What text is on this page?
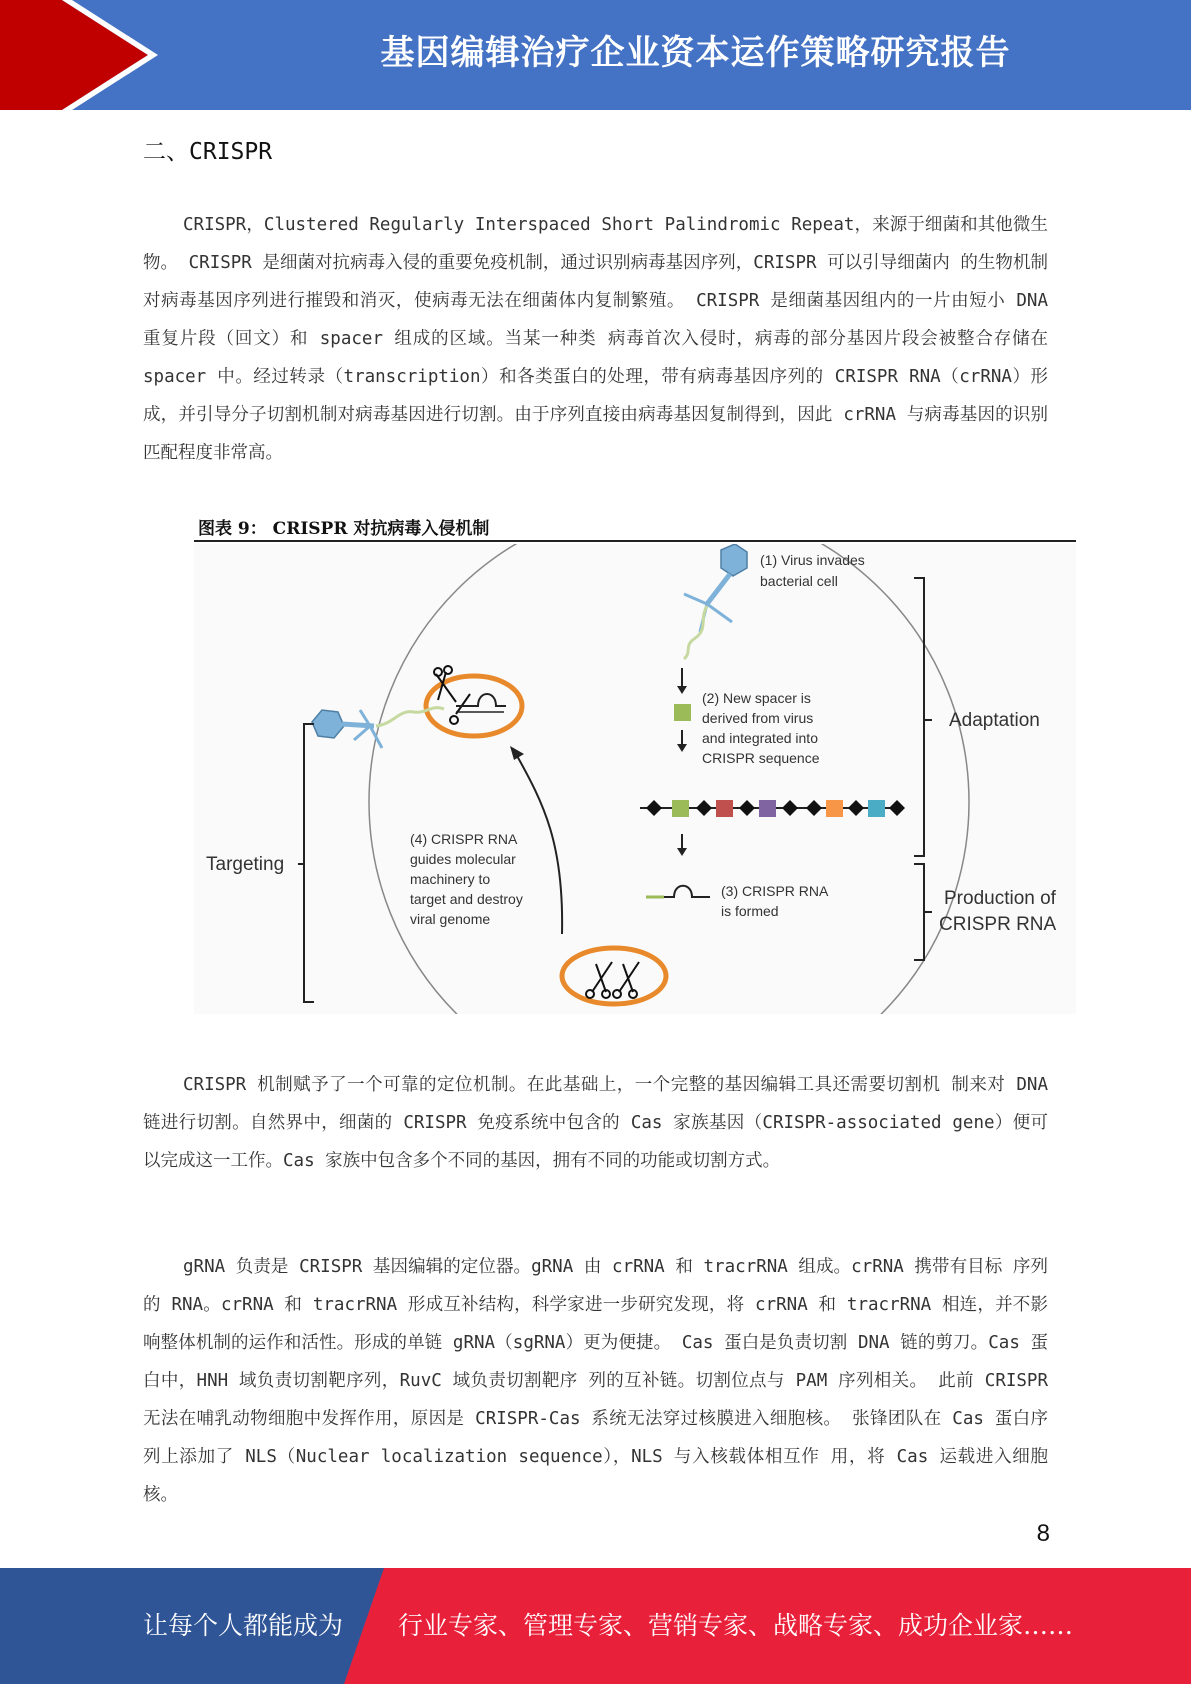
基因编辑治疗企业资本运作策略研究报告
二、CRISPR

CRISPR，Clustered Regularly Interspaced Short Palindromic Repeat，来源于细菌和其他微生物。 CRISPR 是细菌对抗病毒入侵的重要免疫机制，通过识别病毒基因序列，CRISPR 可以引导细菌内 的生物机制对病毒基因序列进行摧毁和消灭，使病毒无法在细菌体内复制繁殖。 CRISPR 是细菌基因组内的一片由短小 DNA 重复片段（回文）和 spacer 组成的区域。当某一种类 病毒首次入侵时，病毒的部分基因片段会被整合存储在 spacer 中。经过转录（transcription）和各类蛋白的处理，带有病毒基因序列的 CRISPR RNA（crRNA）形成，并引导分子切割机制对病毒基因进行切割。由于序列直接由病毒基因复制得到，因此 crRNA 与病毒基因的识别匹配程度非常高。

图表 9： CRISPR 对抗病毒入侵机制
(1) Virus invades
bacterial cell
(2) New spacer is
derived from virus
and integrated into
CRISPR sequence
(3) CRISPR RNA
is formed
(4) CRISPR RNA
guides molecular
machinery to
target and destroy
viral genome
Targeting
Adaptation
Production of
CRISPR RNA

CRISPR 机制赋予了一个可靠的定位机制。在此基础上，一个完整的基因编辑工具还需要切割机 制来对 DNA 链进行切割。自然界中，细菌的 CRISPR 免疫系统中包含的 Cas 家族基因（CRISPR-associated gene）便可以完成这一工作。Cas 家族中包含多个不同的基因，拥有不同的功能或切割方式。

gRNA 负责是 CRISPR 基因编辑的定位器。gRNA 由 crRNA 和 tracrRNA 组成。crRNA 携带有目标 序列的 RNA。crRNA 和 tracrRNA 形成互补结构，科学家进一步研究发现，将 crRNA 和 tracrRNA 相连，并不影响整体机制的运作和活性。形成的单链 gRNA（sgRNA）更为便捷。 Cas 蛋白是负责切割 DNA 链的剪刀。Cas 蛋白中，HNH 域负责切割靶序列，RuvC 域负责切割靶序 列的互补链。切割位点与 PAM 序列相关。 此前 CRISPR 无法在哺乳动物细胞中发挥作用，原因是 CRISPR-Cas 系统无法穿过核膜进入细胞核。 张锋团队在 Cas 蛋白序列上添加了 NLS（Nuclear localization sequence），NLS 与入核载体相互作 用，将 Cas 运载进入细胞核。

8
让每个人都能成为 行业专家、管理专家、营销专家、战略专家、成功企业家……
